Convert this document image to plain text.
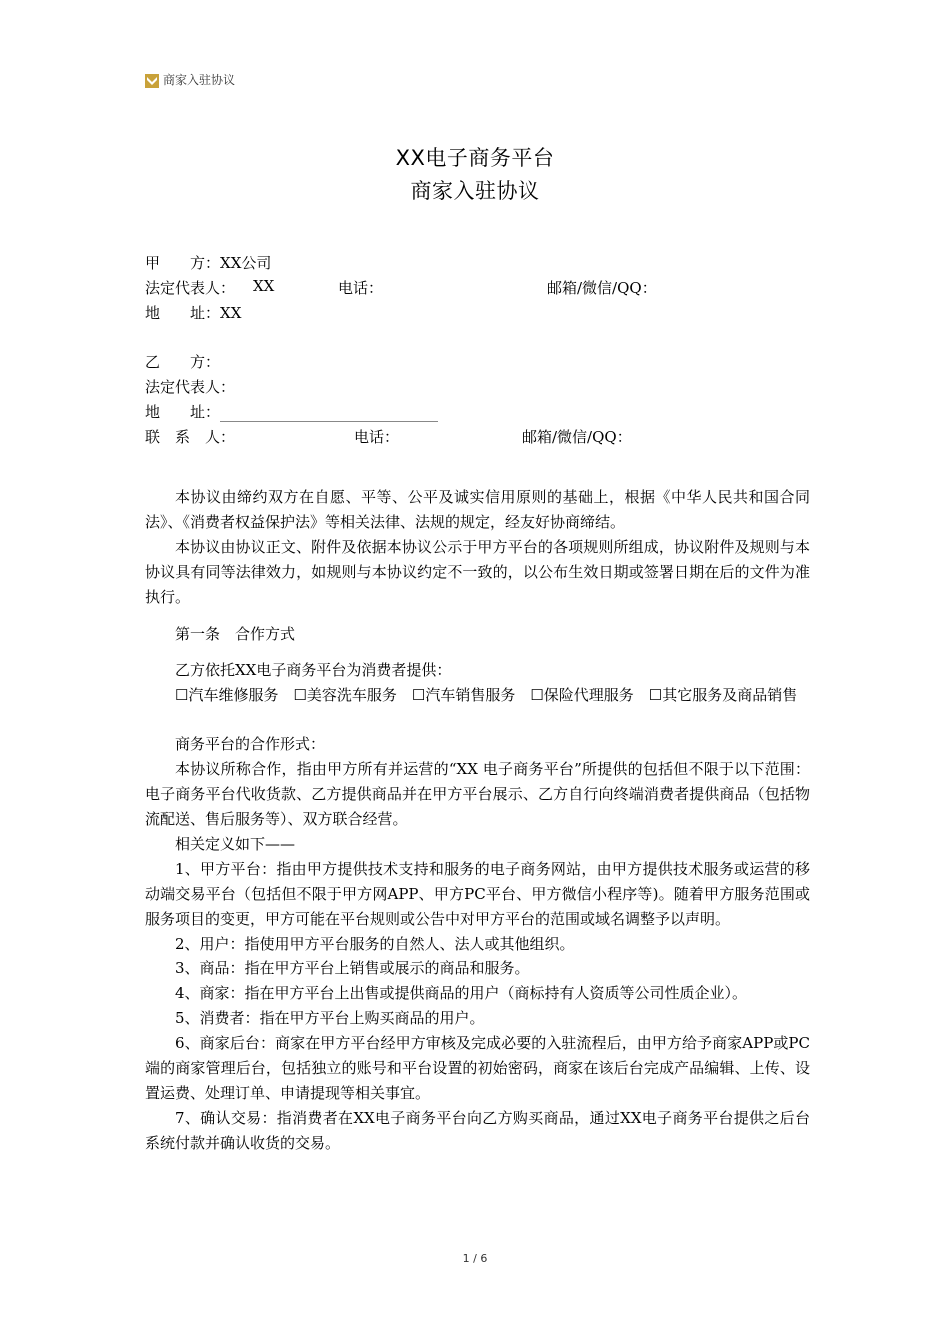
商家入驻协议
XX电子商务平台
商家入驻协议
甲　　方：XX公司
法定代表人： XX	电话：	邮箱/微信/QQ：
地　　址：XX
乙　　方：
法定代表人：
地　　址：
联　系　人：	电话：	邮箱/微信/QQ：

本协议由缔约双方在自愿、平等、公平及诚实信用原则的基础上，根据《中华人民共和国合同法》、《消费者权益保护法》等相关法律、法规的规定，经友好协商缔结。

本协议由协议正文、附件及依据本协议公示于甲方平台的各项规则所组成，协议附件及规则与本协议具有同等法律效力，如规则与本协议约定不一致的，以公布生效日期或签署日期在后的文件为准执行。

第一条　合作方式

乙方依托XX电子商务平台为消费者提供：

☐汽车维修服务　☐美容洗车服务　☐汽车销售服务　☐保险代理服务　☐其它服务及商品销售

商务平台的合作形式：

本协议所称合作，指由甲方所有并运营的“XX 电子商务平台”所提供的包括但不限于以下范围：电子商务平台代收货款、乙方提供商品并在甲方平台展示、乙方自行向终端消费者提供商品（包括物流配送、售后服务等）、双方联合经营。

相关定义如下——

1、甲方平台：指由甲方提供技术支持和服务的电子商务网站，由甲方提供技术服务或运营的移动端交易平台（包括但不限于甲方网APP、甲方PC平台、甲方微信小程序等)。随着甲方服务范围或服务项目的变更，甲方可能在平台规则或公告中对甲方平台的范围或域名调整予以声明。

2、用户：指使用甲方平台服务的自然人、法人或其他组织。

3、商品：指在甲方平台上销售或展示的商品和服务。

4、商家：指在甲方平台上出售或提供商品的用户（商标持有人资质等公司性质企业）。

5、消费者：指在甲方平台上购买商品的用户。

6、商家后台：商家在甲方平台经甲方审核及完成必要的入驻流程后，由甲方给予商家APP或PC端的商家管理后台，包括独立的账号和平台设置的初始密码，商家在该后台完成产品编辑、上传、设置运费、处理订单、申请提现等相关事宜。

7、确认交易：指消费者在XX电子商务平台向乙方购买商品，通过XX电子商务平台提供之后台系统付款并确认收货的交易。

1 / 6
